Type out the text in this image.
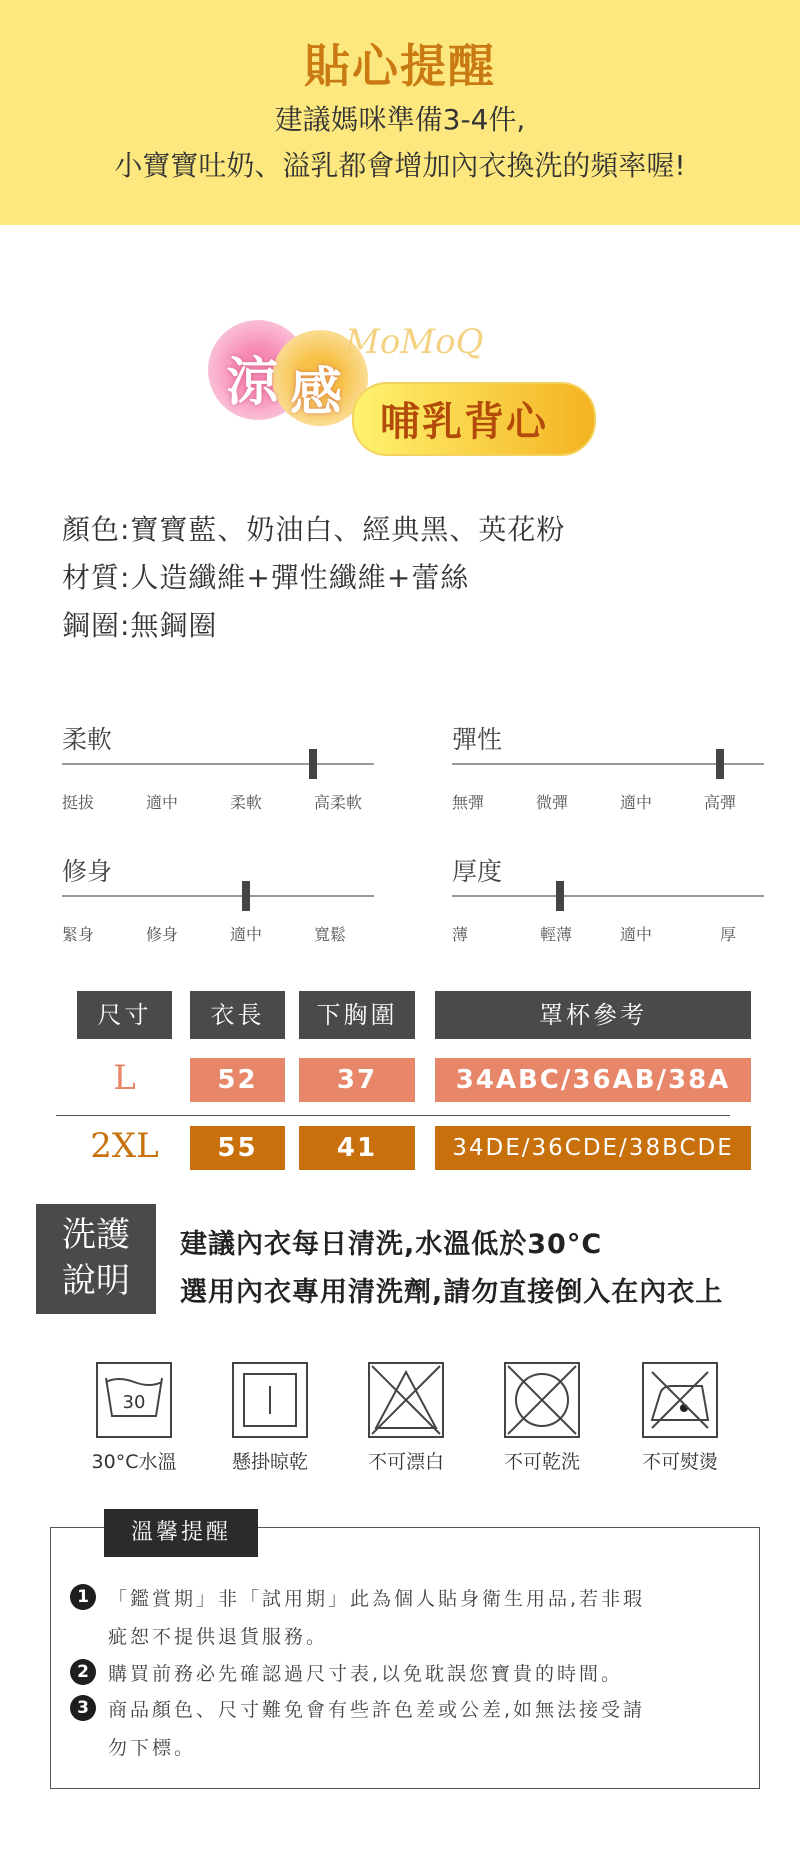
貼心提醒
建議媽咪準備3-4件,
小寶寶吐奶、溢乳都會增加內衣換洗的頻率喔!
涼 感
MoMoQ
哺乳背心
顏色:寶寶藍、奶油白、經典黑、英花粉
材質:人造纖維+彈性纖維+蕾絲
鋼圈:無鋼圈
柔軟
挺拔	適中	柔軟	高柔軟
彈性
無彈	微彈	適中	高彈
修身
緊身	修身	適中	寬鬆
厚度
薄	輕薄	適中	厚
尺寸	衣長	下胸圍	罩杯參考
L	52	37	34ABC/36AB/38A
2XL	55	41	34DE/36CDE/38BCDE
洗護
說明
建議內衣每日清洗,水溫低於30°C
選用內衣專用清洗劑,請勿直接倒入在內衣上
30
30°C水溫	懸掛晾乾	不可漂白	不可乾洗	不可熨燙
溫馨提醒
1	「鑑賞期」非「試用期」此為個人貼身衛生用品,若非瑕
疵恕不提供退貨服務。
2	購買前務必先確認過尺寸表,以免耽誤您寶貴的時間。
3	商品顏色、尺寸難免會有些許色差或公差,如無法接受請
勿下標。
